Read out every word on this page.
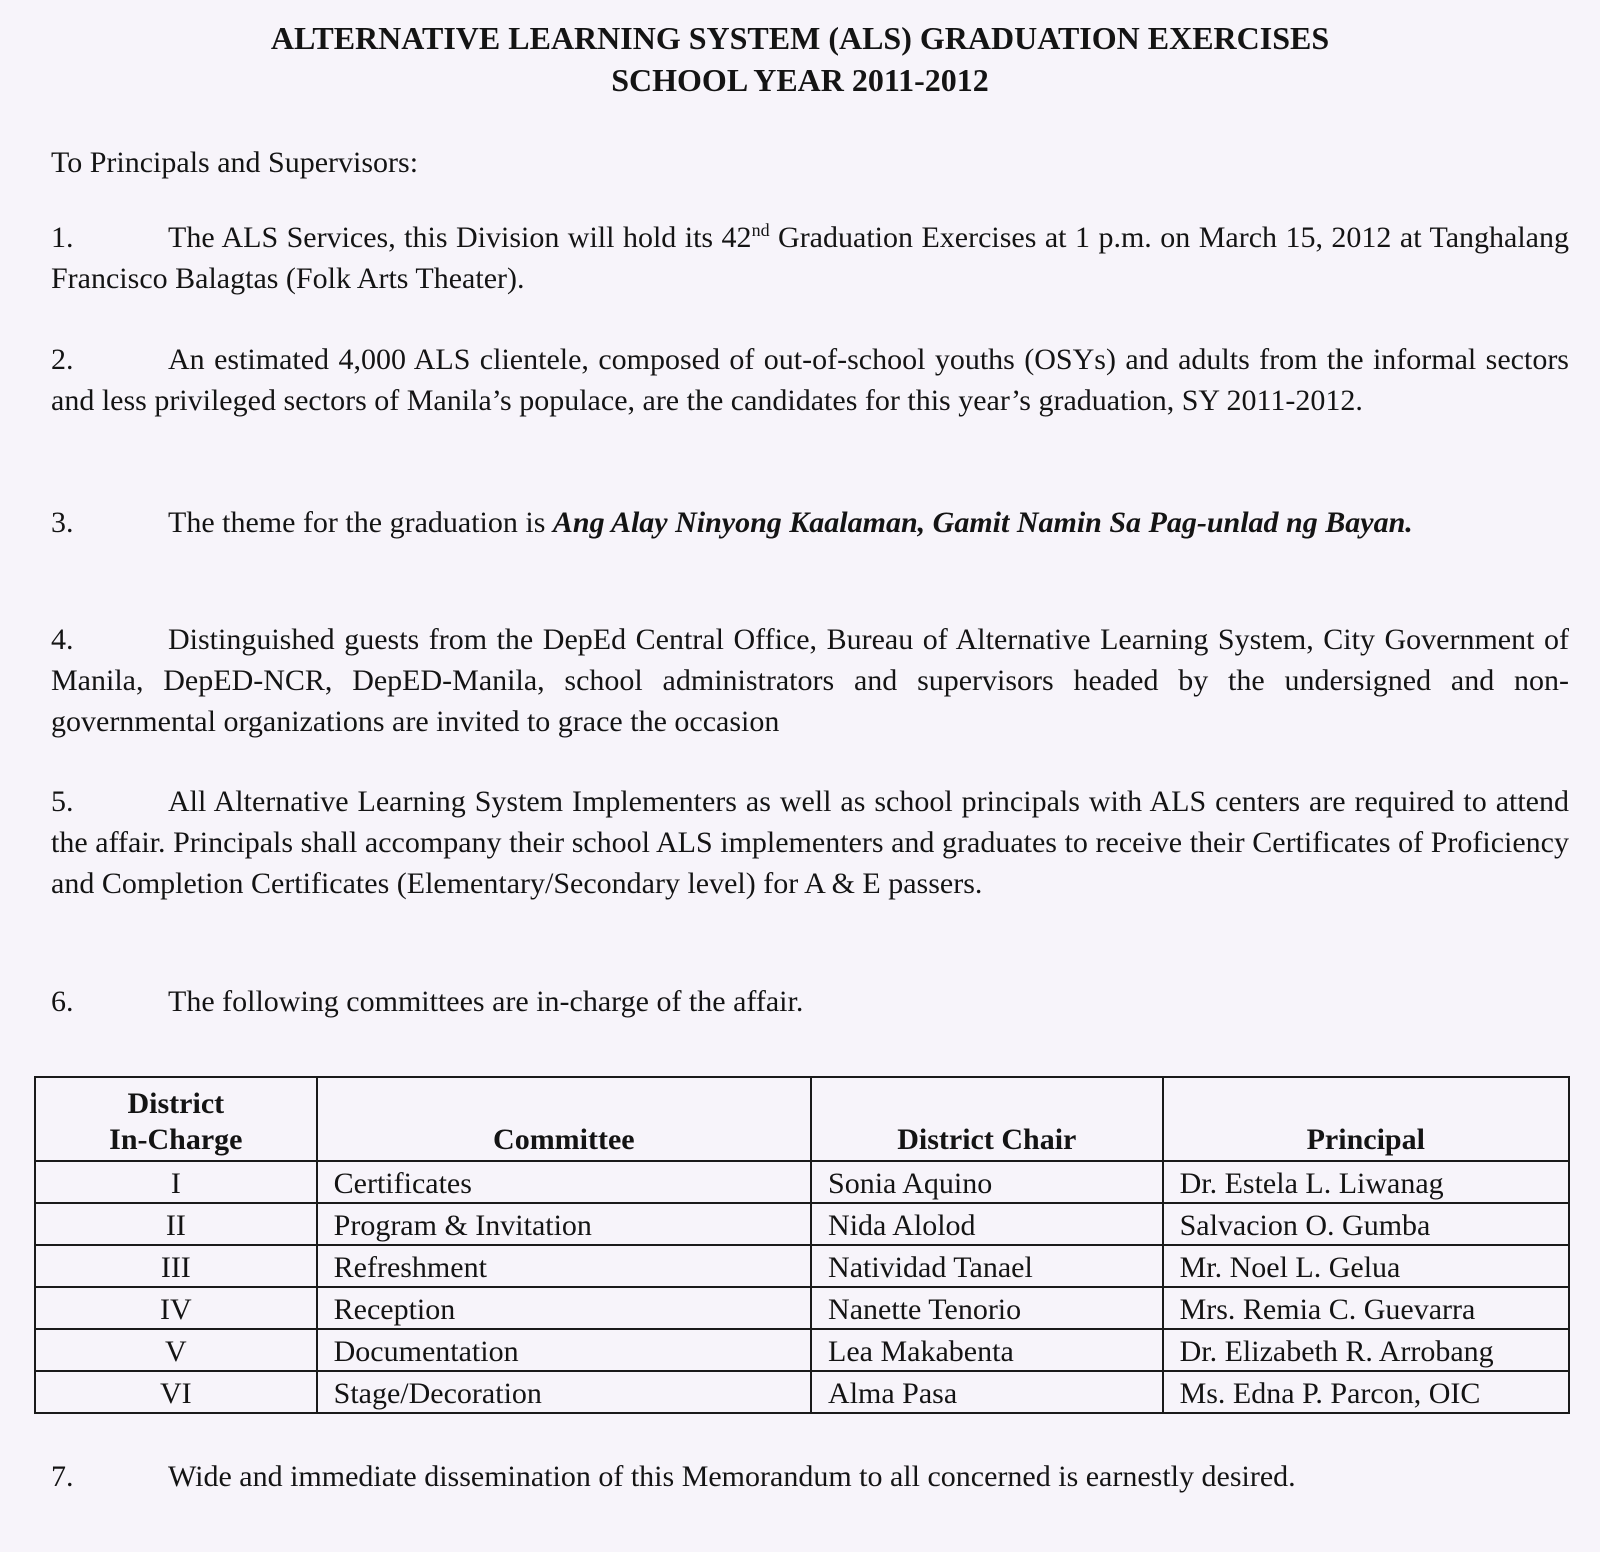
ALTERNATIVE LEARNING SYSTEM (ALS) GRADUATION EXERCISES
SCHOOL YEAR 2011-2012
To Principals and Supervisors:
1.	The ALS Services, this Division will hold its 42nd Graduation Exercises at 1 p.m. on March 15, 2012 at Tanghalang Francisco Balagtas (Folk Arts Theater).
2.	An estimated 4,000 ALS clientele, composed of out-of-school youths (OSYs) and adults from the informal sectors and less privileged sectors of Manila’s populace, are the candidates for this year’s graduation, SY 2011-2012.
3.	The theme for the graduation is Ang Alay Ninyong Kaalaman, Gamit Namin Sa Pag-unlad ng Bayan.
4.	Distinguished guests from the DepEd Central Office, Bureau of Alternative Learning System, City Government of Manila, DepED-NCR, DepED-Manila, school administrators and supervisors headed by the undersigned and non-governmental organizations are invited to grace the occasion
5.	All Alternative Learning System Implementers as well as school principals with ALS centers are required to attend the affair. Principals shall accompany their school ALS implementers and graduates to receive their Certificates of Proficiency and Completion Certificates (Elementary/Secondary level) for A & E passers.
6.	The following committees are in-charge of the affair.
District
In-Charge	Committee	District Chair	Principal
I	Certificates	Sonia Aquino	Dr. Estela L. Liwanag
II	Program & Invitation	Nida Alolod	Salvacion O. Gumba
III	Refreshment	Natividad Tanael	Mr. Noel L. Gelua
IV	Reception	Nanette Tenorio	Mrs. Remia C. Guevarra
V	Documentation	Lea Makabenta	Dr. Elizabeth R. Arrobang
VI	Stage/Decoration	Alma Pasa	Ms. Edna P. Parcon, OIC
7.	Wide and immediate dissemination of this Memorandum to all concerned is earnestly desired.
